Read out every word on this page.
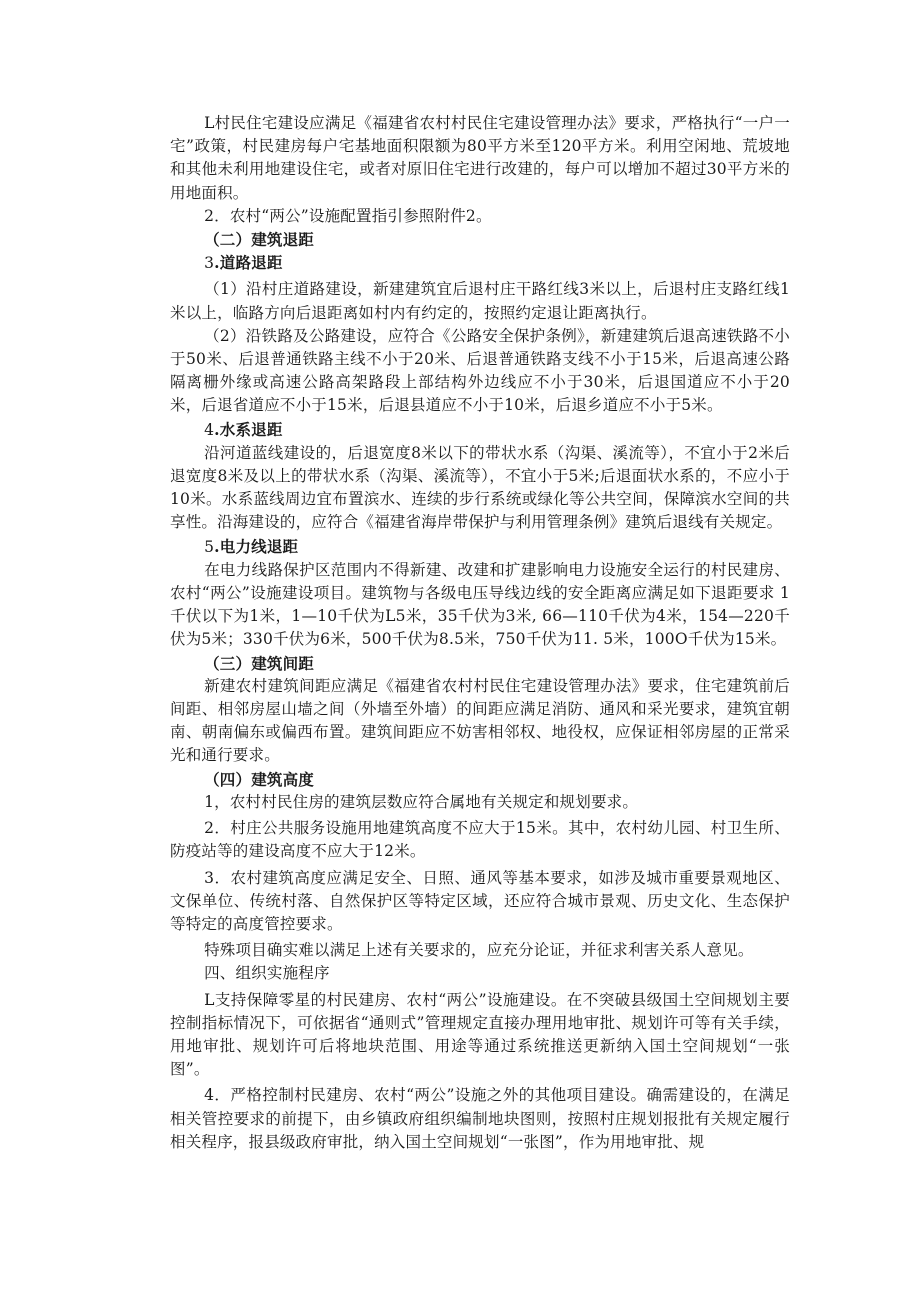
L村民住宅建设应满足《福建省农村村民住宅建设管理办法》要求，严格执行“一户一宅”政策，村民建房每户宅基地面积限额为80平方米至120平方米。利用空闲地、荒坡地和其他未利用地建设住宅，或者对原旧住宅进行改建的，每户可以增加不超过30平方米的用地面积。

2．农村“两公”设施配置指引参照附件2。

（二）建筑退距

3.道路退距

（1）沿村庄道路建设，新建建筑宜后退村庄干路红线3米以上，后退村庄支路红线1米以上，临路方向后退距离如村内有约定的，按照约定退让距离执行。

（2）沿铁路及公路建设，应符合《公路安全保护条例》，新建建筑后退高速铁路不小于50米、后退普通铁路主线不小于20米、后退普通铁路支线不小于15米，后退高速公路隔离栅外缘或高速公路高架路段上部结构外边线应不小于30米，后退国道应不小于20米，后退省道应不小于15米，后退县道应不小于10米，后退乡道应不小于5米。

4.水系退距

沿河道蓝线建设的，后退宽度8米以下的带状水系（沟渠、溪流等），不宜小于2米后退宽度8米及以上的带状水系（沟渠、溪流等），不宜小于5米;后退面状水系的，不应小于10米。水系蓝线周边宜布置滨水、连续的步行系统或绿化等公共空间，保障滨水空间的共享性。沿海建设的，应符合《福建省海岸带保护与利用管理条例》建筑后退线有关规定。

5.电力线退距

在电力线路保护区范围内不得新建、改建和扩建影响电力设施安全运行的村民建房、农村“两公”设施建设项目。建筑物与各级电压导线边线的安全距离应满足如下退距要求 1千伏以下为1米，1—10千伏为L5米，35千伏为3米, 66—110千伏为4米，154—220千伏为5米；330千伏为6米，500千伏为8.5米，750千伏为11. 5米，100O千伏为15米。

（三）建筑间距

新建农村建筑间距应满足《福建省农村村民住宅建设管理办法》要求，住宅建筑前后间距、相邻房屋山墙之间（外墙至外墙）的间距应满足消防、通风和采光要求，建筑宜朝南、朝南偏东或偏西布置。建筑间距应不妨害相邻权、地役权，应保证相邻房屋的正常采光和通行要求。

（四）建筑高度

1，农村村民住房的建筑层数应符合属地有关规定和规划要求。

2．村庄公共服务设施用地建筑高度不应大于15米。其中，农村幼儿园、村卫生所、防疫站等的建设高度不应大于12米。

3．农村建筑高度应满足安全、日照、通风等基本要求，如涉及城市重要景观地区、文保单位、传统村落、自然保护区等特定区域，还应符合城市景观、历史文化、生态保护等特定的高度管控要求。

特殊项目确实难以满足上述有关要求的，应充分论证，并征求利害关系人意见。

四、组织实施程序

L支持保障零星的村民建房、农村“两公”设施建设。在不突破县级国土空间规划主要控制指标情况下，可依据省“通则式”管理规定直接办理用地审批、规划许可等有关手续，用地审批、规划许可后将地块范围、用途等通过系统推送更新纳入国土空间规划“一张图”。

4．严格控制村民建房、农村“两公”设施之外的其他项目建设。确需建设的，在满足相关管控要求的前提下，由乡镇政府组织编制地块图则，按照村庄规划报批有关规定履行相关程序，报县级政府审批，纳入国土空间规划“一张图”，作为用地审批、规
